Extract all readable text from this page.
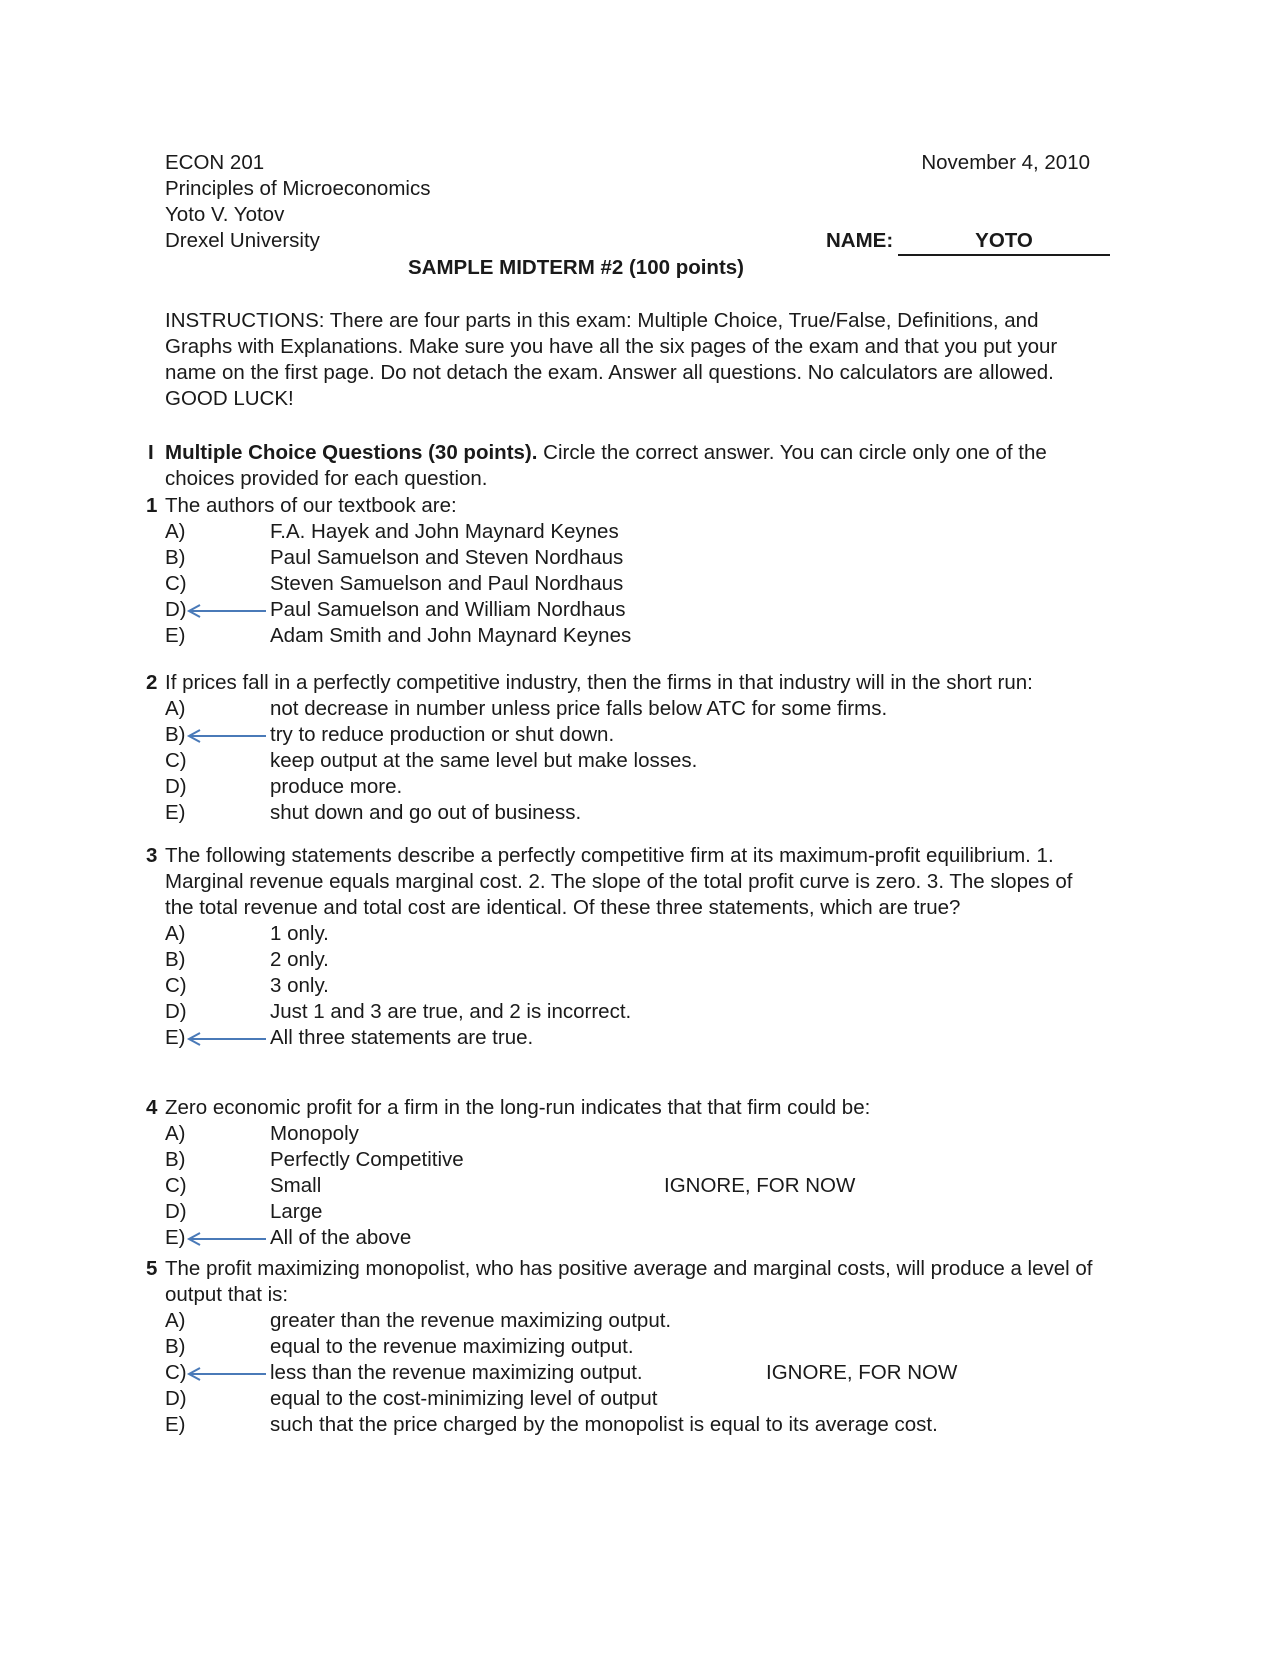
ECON 201
Principles of Microeconomics
Yoto V. Yotov
Drexel University
November 4, 2010
NAME:	YOTO
SAMPLE MIDTERM #2 (100 points)
INSTRUCTIONS: There are four parts in this exam: Multiple Choice, True/False, Definitions, and Graphs with Explanations. Make sure you have all the six pages of the exam and that you put your name on the first page. Do not detach the exam. Answer all questions. No calculators are allowed. GOOD LUCK!
I Multiple Choice Questions (30 points). Circle the correct answer. You can circle only one of the choices provided for each question.
1 The authors of our textbook are:
A)	F.A. Hayek and John Maynard Keynes
B)	Paul Samuelson and Steven Nordhaus
C)	Steven Samuelson and Paul Nordhaus
D)	Paul Samuelson and William Nordhaus
E)	Adam Smith and John Maynard Keynes
2 If prices fall in a perfectly competitive industry, then the firms in that industry will in the short run:
A)	not decrease in number unless price falls below ATC for some firms.
B)	try to reduce production or shut down.
C)	keep output at the same level but make losses.
D)	produce more.
E)	shut down and go out of business.
3 The following statements describe a perfectly competitive firm at its maximum-profit equilibrium. 1. Marginal revenue equals marginal cost. 2. The slope of the total profit curve is zero. 3. The slopes of the total revenue and total cost are identical. Of these three statements, which are true?
A)	1 only.
B)	2 only.
C)	3 only.
D)	Just 1 and 3 are true, and 2 is incorrect.
E)	All three statements are true.
4 Zero economic profit for a firm in the long-run indicates that that firm could be:
A)	Monopoly
B)	Perfectly Competitive
C)	Small	IGNORE, FOR NOW
D)	Large
E)	All of the above
5 The profit maximizing monopolist, who has positive average and marginal costs, will produce a level of output that is:
A)	greater than the revenue maximizing output.
B)	equal to the revenue maximizing output.
C)	less than the revenue maximizing output.	IGNORE, FOR NOW
D)	equal to the cost-minimizing level of output
E)	such that the price charged by the monopolist is equal to its average cost.
